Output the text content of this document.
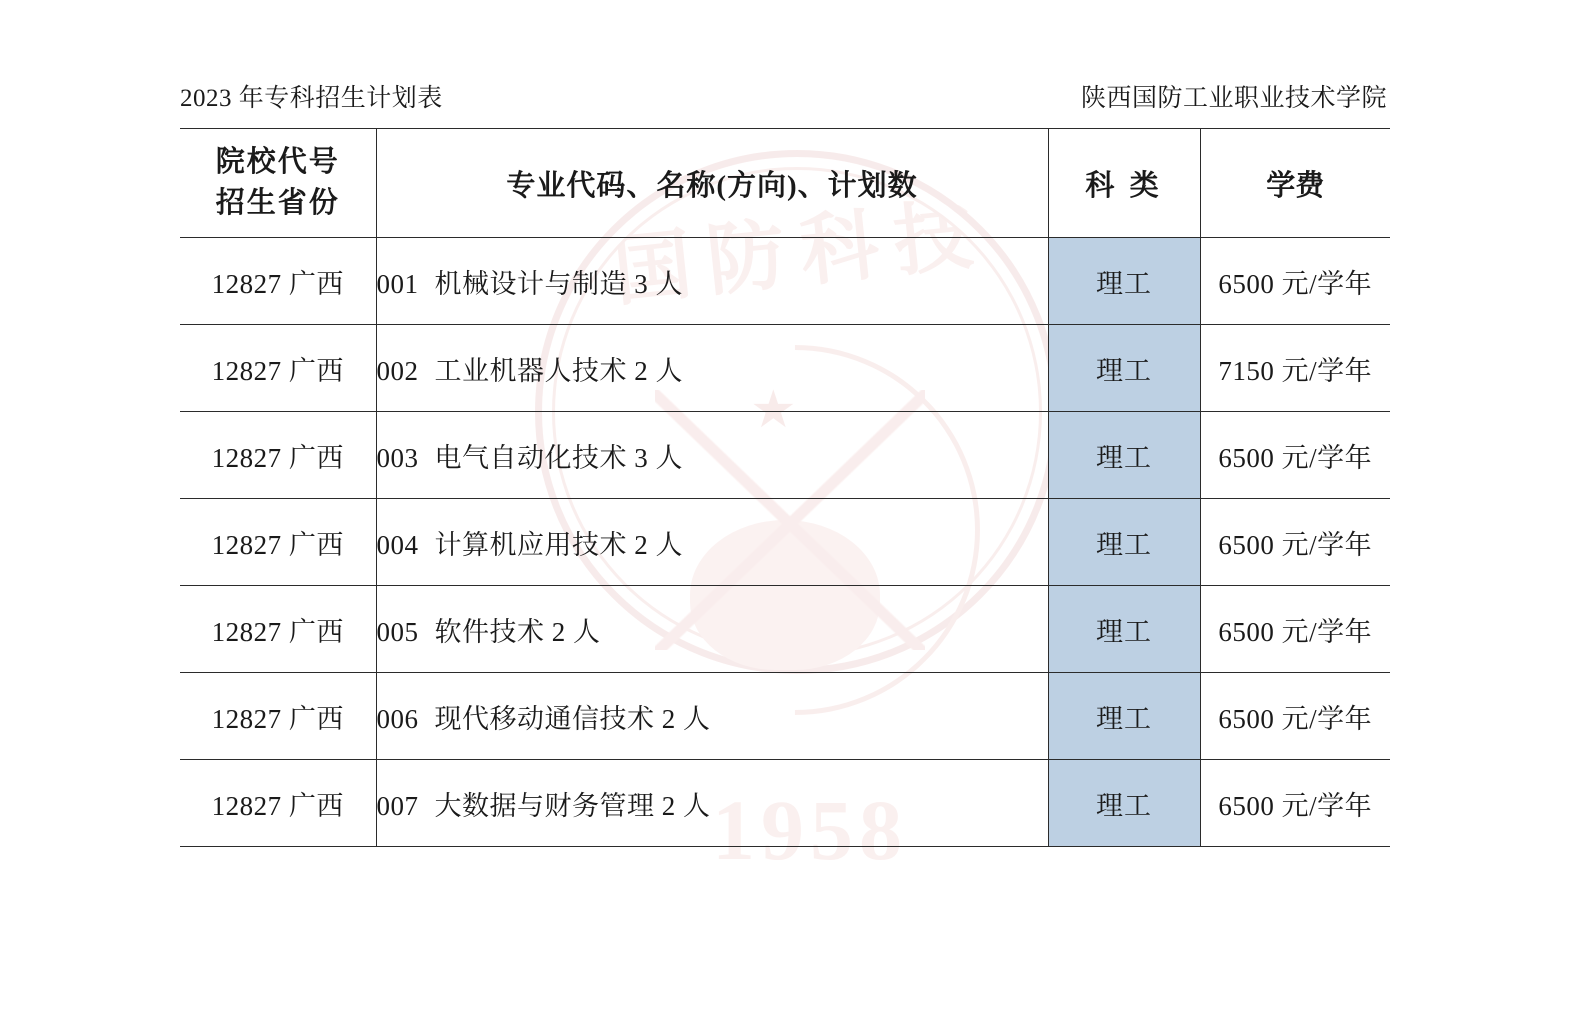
国防科技
★
1958
2023 年专科招生计划表	陕西国防工业职业技术学院
院校代号
招生省份	专业代码、名称(方向)、计划数	科 类	学费
12827 广西	001 机械设计与制造 3 人	理工	6500 元/学年
12827 广西	002 工业机器人技术 2 人	理工	7150 元/学年
12827 广西	003 电气自动化技术 3 人	理工	6500 元/学年
12827 广西	004 计算机应用技术 2 人	理工	6500 元/学年
12827 广西	005 软件技术 2 人	理工	6500 元/学年
12827 广西	006 现代移动通信技术 2 人	理工	6500 元/学年
12827 广西	007 大数据与财务管理 2 人	理工	6500 元/学年
